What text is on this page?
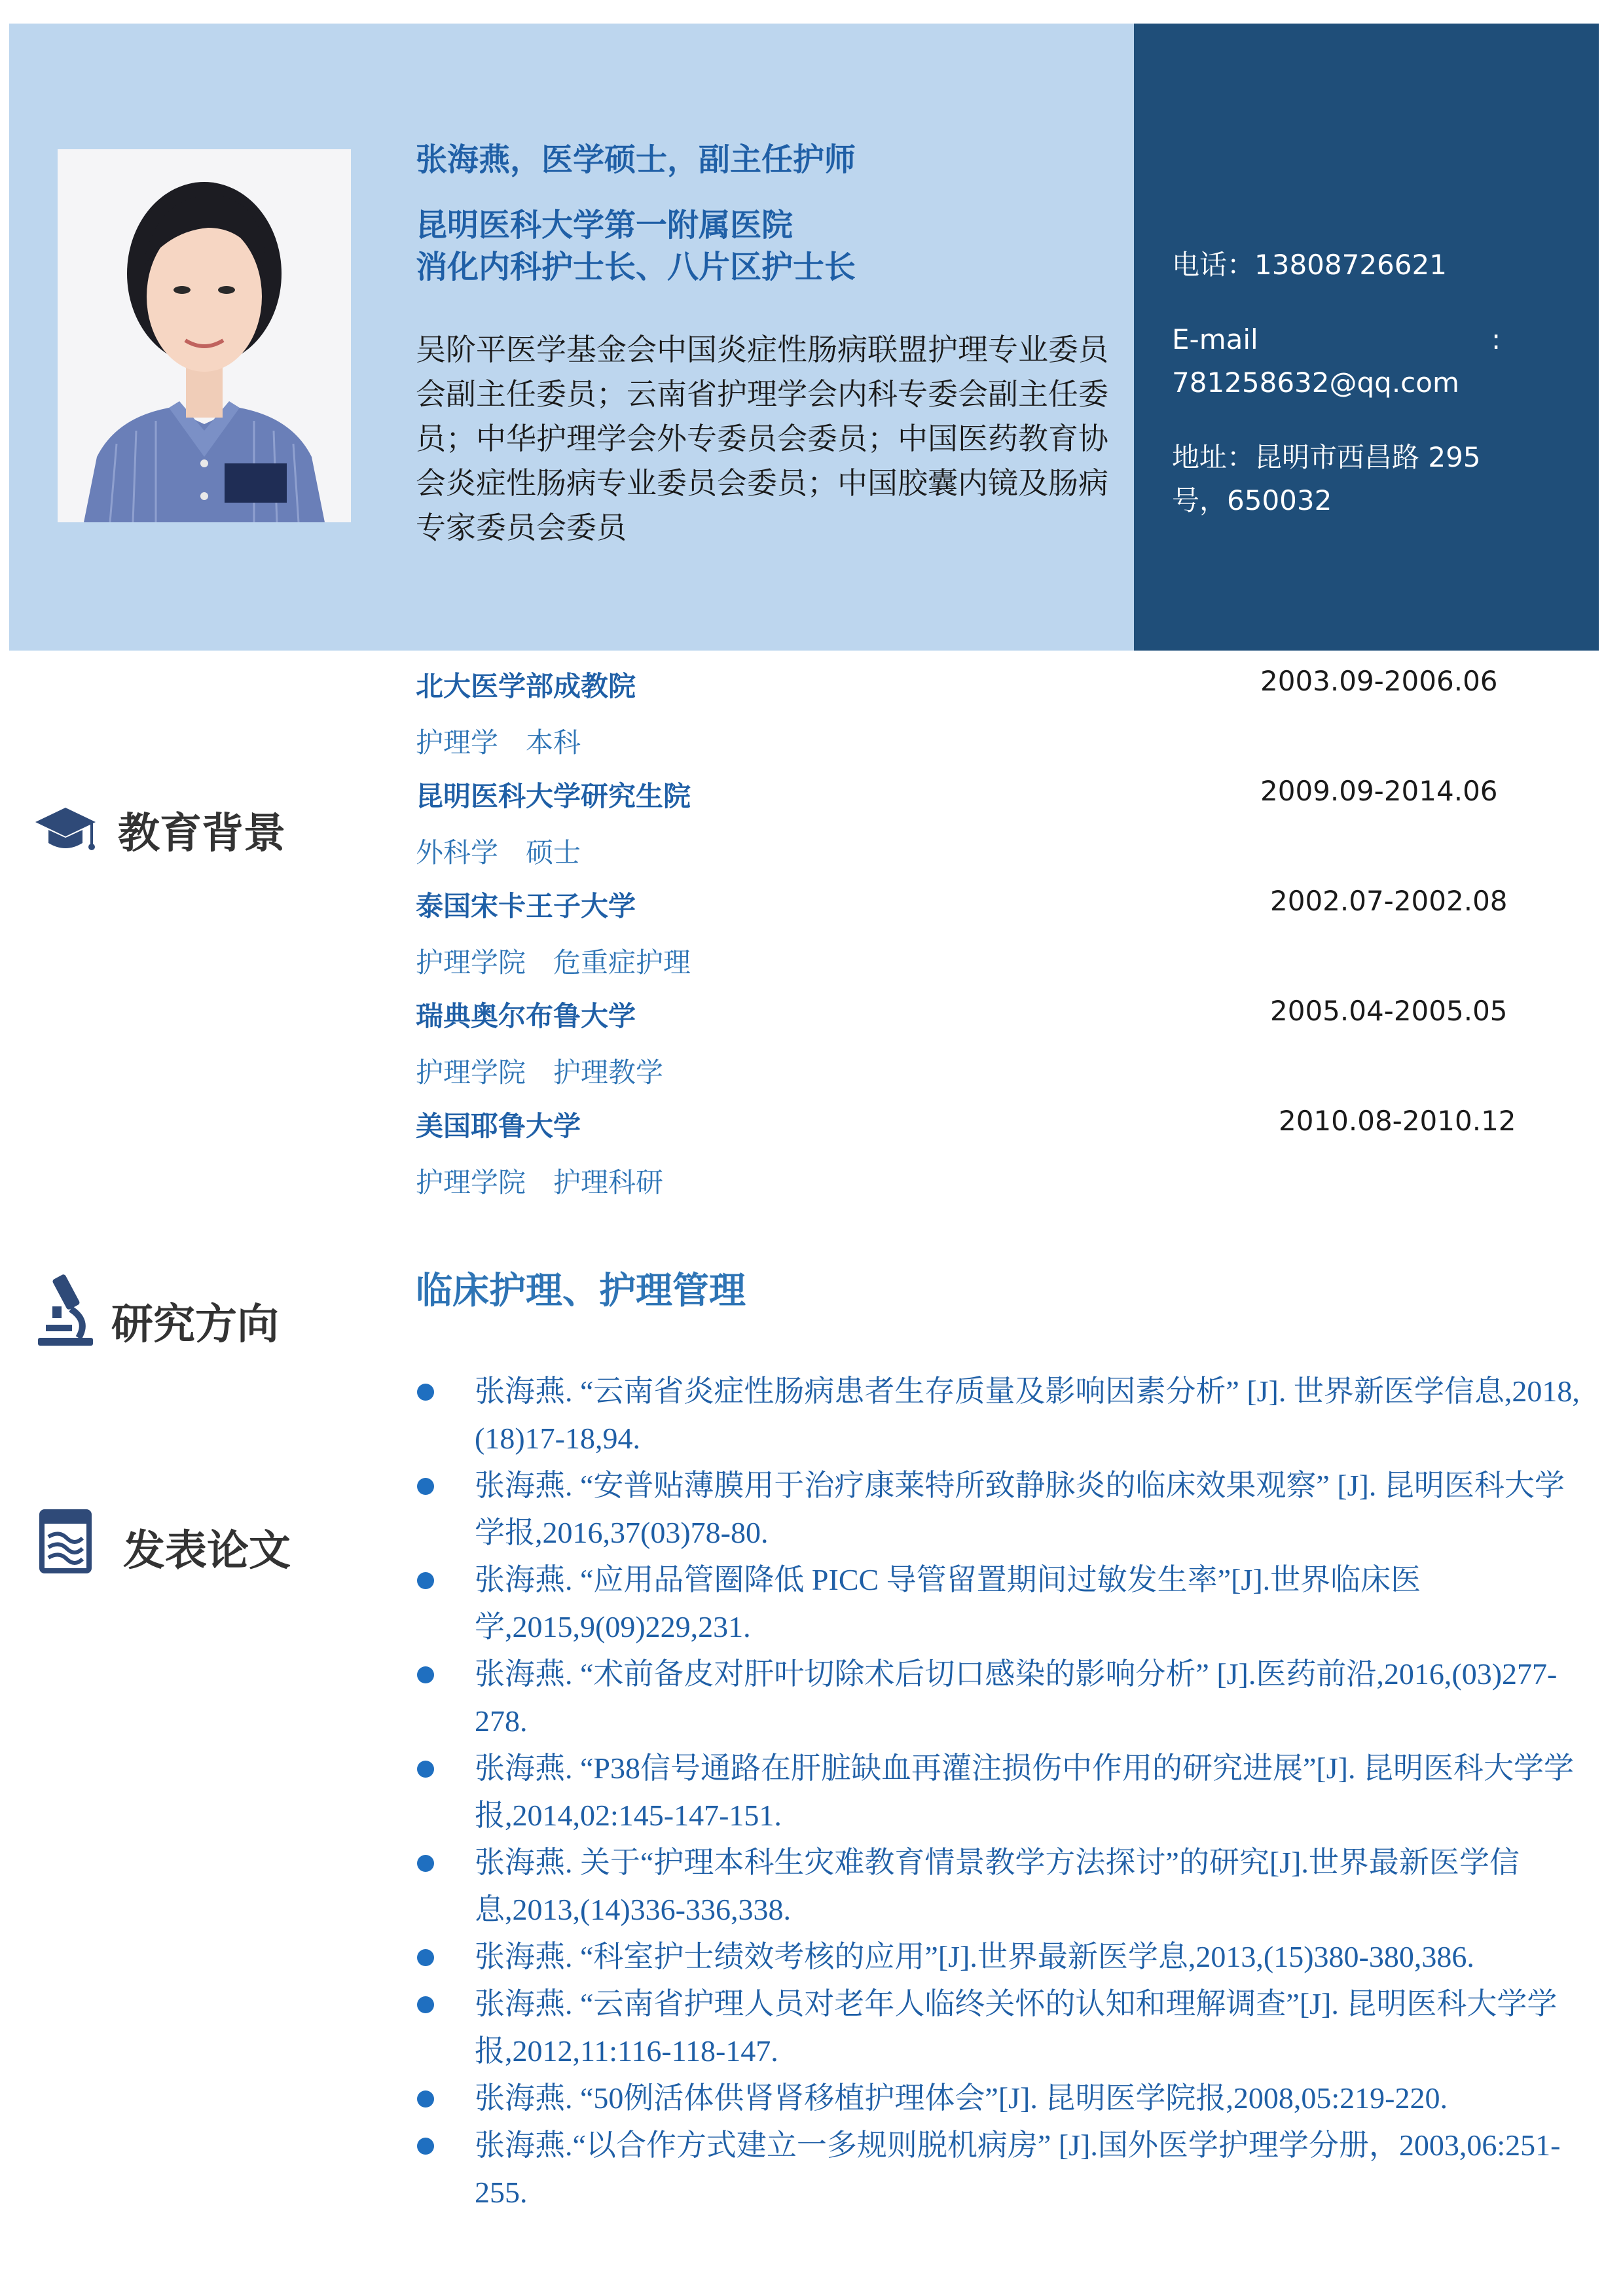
张海燕，医学硕士，副主任护师
昆明医科大学第一附属医院
消化内科护士长、八片区护士长
吴阶平医学基金会中国炎症性肠病联盟护理专业委员会副主任委员；云南省护理学会内科专委会副主任委员；中华护理学会外专委员会委员；中国医药教育协会炎症性肠病专业委员会委员；中国胶囊内镜及肠病专家委员会委员
电话：13808726621
E-mail	:
781258632@qq.com
地址：昆明市西昌路 295 号，650032
教育背景
北大医学部成教院	2003.09-2006.06
护理学　本科
昆明医科大学研究生院	2009.09-2014.06
外科学　硕士
泰国宋卡王子大学	2002.07-2002.08
护理学院　危重症护理
瑞典奥尔布鲁大学	2005.04-2005.05
护理学院　护理教学
美国耶鲁大学	2010.08-2010.12
护理学院　护理科研
研究方向
临床护理、护理管理
发表论文
张海燕. “云南省炎症性肠病患者生存质量及影响因素分析” [J]. 世界新医学信息,2018,(18)17-18,94.
张海燕. “安普贴薄膜用于治疗康莱特所致静脉炎的临床效果观察” [J]. 昆明医科大学学报,2016,37(03)78-80.
张海燕. “应用品管圈降低 PICC 导管留置期间过敏发生率”[J].世界临床医学,2015,9(09)229,231.
张海燕. “术前备皮对肝叶切除术后切口感染的影响分析” [J].医药前沿,2016,(03)277-278.
张海燕. “P38信号通路在肝脏缺血再灌注损伤中作用的研究进展”[J]. 昆明医科大学学报,2014,02:145-147-151.
张海燕. 关于“护理本科生灾难教育情景教学方法探讨”的研究[J].世界最新医学信息,2013,(14)336-336,338.
张海燕. “科室护士绩效考核的应用”[J].世界最新医学息,2013,(15)380-380,386.
张海燕. “云南省护理人员对老年人临终关怀的认知和理解调查”[J]. 昆明医科大学学报,2012,11:116-118-147.
张海燕. “50例活体供肾肾移植护理体会”[J]. 昆明医学院报,2008,05:219-220.
张海燕.“以合作方式建立一多规则脱机病房” [J].国外医学护理学分册，2003,06:251-255.
